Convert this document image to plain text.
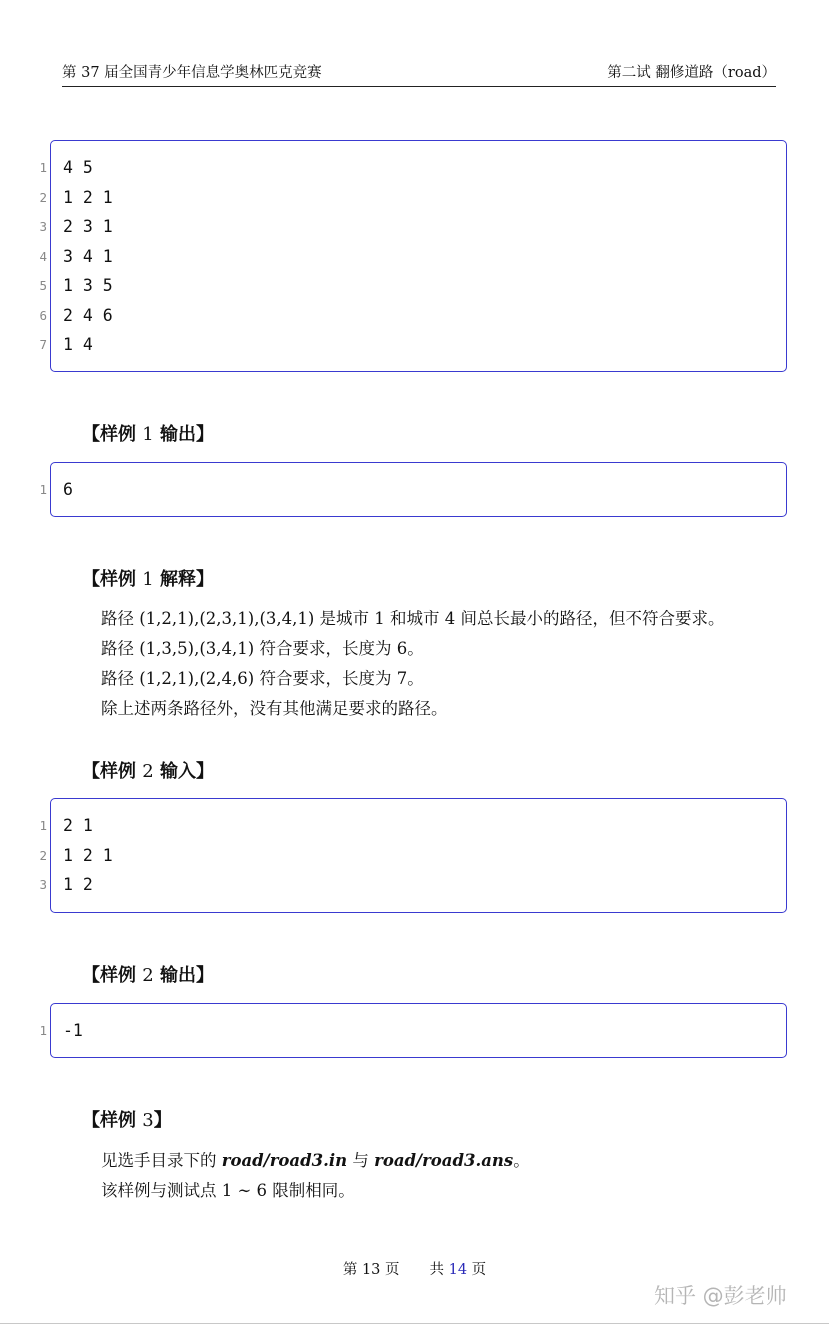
第 37 届全国青少年信息学奥林匹克竞赛	第二试 翻修道路（road）
1 4 5
2 1 2 1
3 2 3 1
4 3 4 1
5 1 3 5
6 2 4 6
7 1 4
【样例 1 输出】
1 6
【样例 1 解释】
路径 (1,2,1),(2,3,1),(3,4,1) 是城市 1 和城市 4 间总长最小的路径，但不符合要求。
路径 (1,3,5),(3,4,1) 符合要求，长度为 6。
路径 (1,2,1),(2,4,6) 符合要求，长度为 7。
除上述两条路径外，没有其他满足要求的路径。
【样例 2 输入】
1 2 1
2 1 2 1
3 1 2
【样例 2 输出】
1 -1
【样例 3】
见选手目录下的 road/road3.in 与 road/road3.ans。
该样例与测试点 1 ∼ 6 限制相同。
第 13 页 共 14 页
知乎 @彭老帅
